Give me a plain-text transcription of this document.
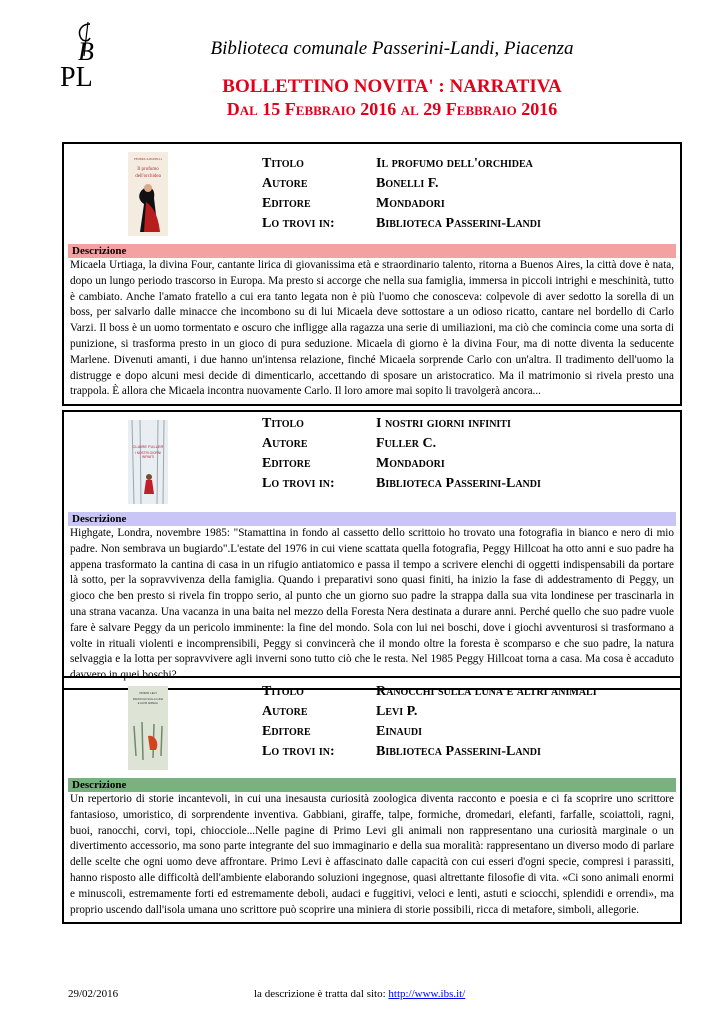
B
PL
Biblioteca comunale Passerini-Landi, Piacenza
BOLLETTINO NOVITA' : NARRATIVA
Dal 15 Febbraio 2016 al 29 Febbraio 2016
FEDERICA BONELLI
Il profumo
dell'orchidea
Titolo	Il profumo dell'orchidea
Autore	Bonelli F.
Editore	Mondadori
Lo trovi in:	Biblioteca Passerini-Landi
Descrizione
Micaela Urtiaga, la divina Four, cantante lirica di giovanissima età e straordinario talento, ritorna a Buenos Aires, la città dove è nata, dopo un lungo periodo trascorso in Europa. Ma presto si accorge che nella sua famiglia, immersa in piccoli intrighi e meschinità, tutto è cambiato. Anche l'amato fratello a cui era tanto legata non è più l'uomo che conosceva: colpevole di aver sedotto la sorella di un boss, per salvarlo dalle minacce che incombono su di lui Micaela deve sottostare a un odioso ricatto, cantare nel bordello di Carlo Varzi. Il boss è un uomo tormentato e oscuro che infligge alla ragazza una serie di umiliazioni, ma ciò che comincia come una sorta di punizione, si trasforma presto in un gioco di pura seduzione. Micaela di giorno è la divina Four, ma di notte diventa la seducente Marlene. Divenuti amanti, i due hanno un'intensa relazione, finché Micaela sorprende Carlo con un'altra. Il tradimento dell'uomo la distrugge e dopo alcuni mesi decide di dimenticarlo, accettando di sposare un aristocratico. Ma il matrimonio si rivela presto una trappola. È allora che Micaela incontra nuovamente Carlo. Il loro amore mai sopito li travolgerà ancora...
CLAIRE FULLER
I NOSTRI GIORNI
INFINITI
Titolo	I nostri giorni infiniti
Autore	Fuller C.
Editore	Mondadori
Lo trovi in:	Biblioteca Passerini-Landi
Descrizione
Highgate, Londra, novembre 1985: "Stamattina in fondo al cassetto dello scrittoio ho trovato una fotografia in bianco e nero di mio padre. Non sembrava un bugiardo".L'estate del 1976 in cui viene scattata quella fotografia, Peggy Hillcoat ha otto anni e suo padre ha appena trasformato la cantina di casa in un rifugio antiatomico e passa il tempo a scrivere elenchi di oggetti indispensabili da portare là sotto, per la sopravvivenza della famiglia. Quando i preparativi sono quasi finiti, ha inizio la fase di addestramento di Peggy, un gioco che ben presto si rivela fin troppo serio, al punto che un giorno suo padre la strappa dalla sua vita londinese per trascinarla in una strana vacanza. Una vacanza in una baita nel mezzo della Foresta Nera destinata a durare anni. Perché quello che suo padre vuole fare è salvare Peggy da un pericolo imminente: la fine del mondo. Sola con lui nei boschi, dove i giochi avventurosi si trasformano a volte in rituali violenti e incomprensibili, Peggy si convincerà che il mondo oltre la foresta è scomparso e che suo padre, la natura selvaggia e la lotta per sopravvivere agli inverni sono tutto ciò che le resta. Nel 1985 Peggy Hillcoat torna a casa. Ma cosa è accaduto davvero in quei boschi?
PRIMO LEVI
RANOCCHI SULLA LUNA
E ALTRI ANIMALI
Titolo	Ranocchi sulla luna e altri animali
Autore	Levi P.
Editore	Einaudi
Lo trovi in:	Biblioteca Passerini-Landi
Descrizione
Un repertorio di storie incantevoli, in cui una inesausta curiosità zoologica diventa racconto e poesia e ci fa scoprire uno scrittore fantasioso, umoristico, di sorprendente inventiva. Gabbiani, giraffe, talpe, formiche, dromedari, elefanti, farfalle, scoiattoli, ragni, buoi, ranocchi, corvi, topi, chiocciole...Nelle pagine di Primo Levi gli animali non rappresentano una curiosità marginale o un divertimento accessorio, ma sono parte integrante del suo immaginario e della sua moralità: rappresentano un diverso modo di parlare delle scelte che ogni uomo deve affrontare. Primo Levi è affascinato dalle capacità con cui esseri d'ogni specie, compresi i parassiti, hanno risposto alle difficoltà dell'ambiente elaborando soluzioni ingegnose, quasi altrettante filosofie di vita. «Ci sono animali enormi e minuscoli, estremamente forti ed estremamente deboli, audaci e fuggitivi, veloci e lenti, astuti e sciocchi, splendidi e orrendi», ma proprio uscendo dall'isola umana uno scrittore può scoprire una miniera di storie possibili, ricca di metafore, simboli, allegorie.
29/02/2016	la descrizione è tratta dal sito: http://www.ibs.it/
